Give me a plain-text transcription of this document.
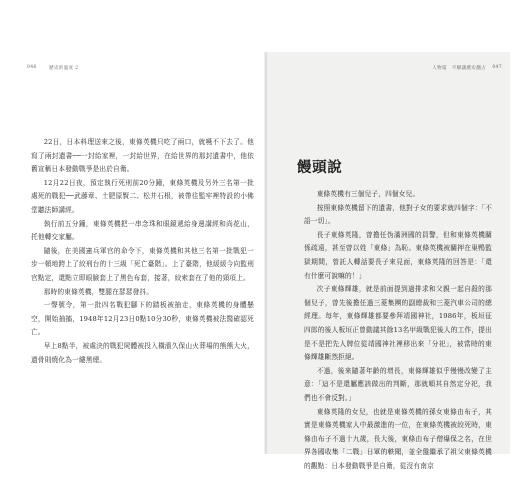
046	歷史的溫度 2

22日，日本料理送來之後，東條英機只吃了兩口，就嚥不下去了。他寫了兩封遺書──一封給家裡，一封給世界，在給世界的那封遺書中，他依舊宣稱日本發動戰爭是出於自衛。

12月22日夜，預定執行死刑前20分鐘，東條英機及另外三名第一批處死的戰犯──武藤章、土肥原賢二、松井石根，被帶往監牢裡特設的小佛堂聽法師講經。

執行前五分鐘，東條英機把一串念珠和眼鏡遞給身邊講經和尚花山，托他轉交家屬。

隨後，在美國憲兵軍官的命令下，東條英機和其他三名第一批戰犯一步一頓地跨上了絞刑台的十三級「死亡臺階」。上了臺階，他緩緩今向監刑官點定，還點立即眼臉套上了黑色布套，接著，絞索套在了他的頸項上。

那時的東條英機，雙腿在瑟瑟發抖。

一聲號令，第一批四名戰犯腳下的踏板被抽走，東條英機的身體懸空，開始抽搐，1948年12月23日0點10分30秒，東條英機被法醫確認死亡。

早上8點半，被處決的戰犯屍體被投入橫濱久保山火葬場的熊熊大火，遺骨則燒化為一縷黑煙。

人物篇　不願讓歷史翻占 047
饅頭說

東條英機有三個兒子，四個女兒。

按照東條英機留下的遺書，他對子女的要求就四個字：「不語一切」。

長子東條英隆，曾擔任伪滿洲國的員警，但和東條英機關係疏遠，甚至曾以姓「東條」為恥。東條英機被關押在巢鴨監獄期間，曾託人轉話要長子來見面，東條英隆的回答是：「還有什麼可說嘛的！」

次子東條輝雄，就是前面提到過排求和父親一起自殺的那個兒子，曾先後擔任過三菱集團的副總裁和三菱汽車公司的總經理。每年，東條輝雄都要參拜靖國神社，1986年，板垣征四郎的後人板垣正曾動議其餘13名甲級戰犯後人的工作，提出是不是把先人牌位從靖國神社裡移出來「分祀」，被當時的東條輝雄斷然拒絕。

不過，後來隨著年齡的增長，東條輝雄似乎慢慢改變了主意：「這不是還屬應該做出的判斷，那就順其自然定分祀，我們也不會反對。」

東條英隆的女兒，也就是東條英機的孫女東條由布子，其實是東條英機家人中最激進的一位，在東條英機被絞死時，東條由布子不過十九歲，長大後，東條由布子僧爆保之名，在世界各國收集「二戰」日軍的軼聞，並全盤繼承了祖父東條英機的觀點：日本發動戰爭是自衛，從沒有南京
